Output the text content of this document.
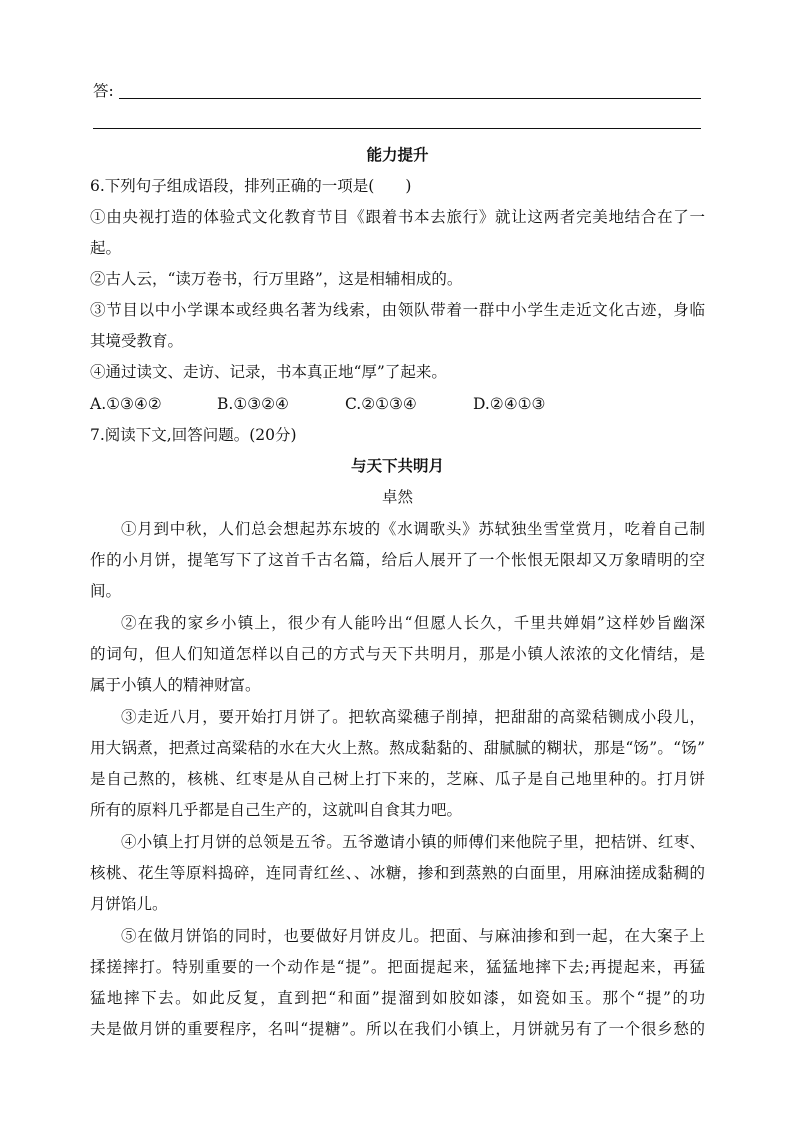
答:
能力提升
6.下列句子组成语段，排列正确的一项是(　　)
①由央视打造的体验式文化教育节目《跟着书本去旅行》就让这两者完美地结合在了一
起。
②古人云，“读万卷书，行万里路”，这是相辅相成的。
③节目以中小学课本或经典名著为线索，由领队带着一群中小学生走近文化古迹，身临
其境受教育。
④通过读文、走访、记录，书本真正地“厚”了起来。
A.①③④②	B.①③②④	C.②①③④	D.②④①③
7.阅读下文,回答问题。(20分)
与天下共明月
卓然
①月到中秋，人们总会想起苏东坡的《水调歌头》苏轼独坐雪堂赏月，吃着自己制
作的小月饼，提笔写下了这首千古名篇，给后人展开了一个怅恨无限却又万象晴明的空
间。
②在我的家乡小镇上，很少有人能吟出“但愿人长久，千里共婵娟”这样妙旨幽深
的词句，但人们知道怎样以自己的方式与天下共明月，那是小镇人浓浓的文化情结，是
属于小镇人的精神财富。
③走近八月，要开始打月饼了。把软高粱穗子削掉，把甜甜的高粱秸铡成小段儿，
用大锅煮，把煮过高粱秸的水在大火上熬。熬成黏黏的、甜腻腻的糊状，那是“饧”。“饧”
是自己熬的，核桃、红枣是从自己树上打下来的，芝麻、瓜子是自己地里种的。打月饼
所有的原料几乎都是自己生产的，这就叫自食其力吧。
④小镇上打月饼的总领是五爷。五爷邀请小镇的师傅们来他院子里，把桔饼、红枣、
核桃、花生等原料捣碎，连同青红丝、、冰糖，掺和到蒸熟的白面里，用麻油搓成黏稠的
月饼馅儿。
⑤在做月饼馅的同时，也要做好月饼皮儿。把面、与麻油掺和到一起，在大案子上
揉搓摔打。特别重要的一个动作是“提”。把面提起来，猛猛地摔下去;再提起来，再猛
猛地摔下去。如此反复，直到把“和面”提溜到如胶如漆，如瓷如玉。那个“提”的功
夫是做月饼的重要程序，名叫“提糖”。所以在我们小镇上，月饼就另有了一个很乡愁的
